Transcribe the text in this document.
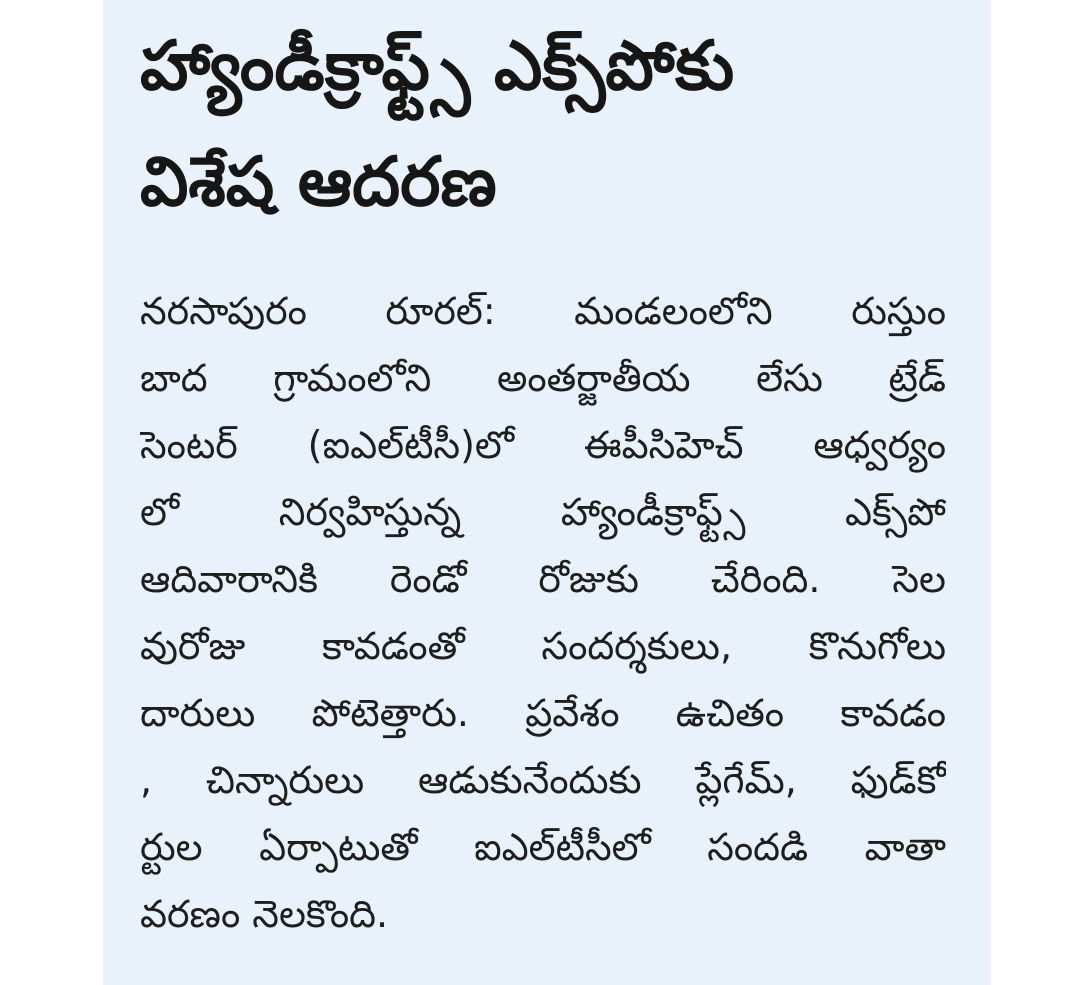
హ్యాండీక్రాఫ్ట్స్ ఎక్స్‌పోకు
విశేష ఆదరణ

నరసాపురం రూరల్: మండలంలోని రుస్తుం

బాద గ్రామంలోని అంతర్జాతీయ లేసు ట్రేడ్

సెంటర్ (ఐఎల్‌టీసీ)లో ఈపీసిహెచ్ ఆధ్వర్యం

లో నిర్వహిస్తున్న హ్యాండీక్రాఫ్ట్స్ ఎక్స్‌పో

ఆదివారానికి రెండో రోజుకు చేరింది. సెల

వురోజు కావడంతో సందర్శకులు, కొనుగోలు

దారులు పోటెత్తారు. ప్రవేశం ఉచితం కావడం

, చిన్నారులు ఆడుకునేందుకు ప్లేగేమ్, ఫుడ్‌కో

ర్టుల ఏర్పాటుతో ఐఎల్‌టీసీలో సందడి వాతా

వరణం నెలకొంది.
